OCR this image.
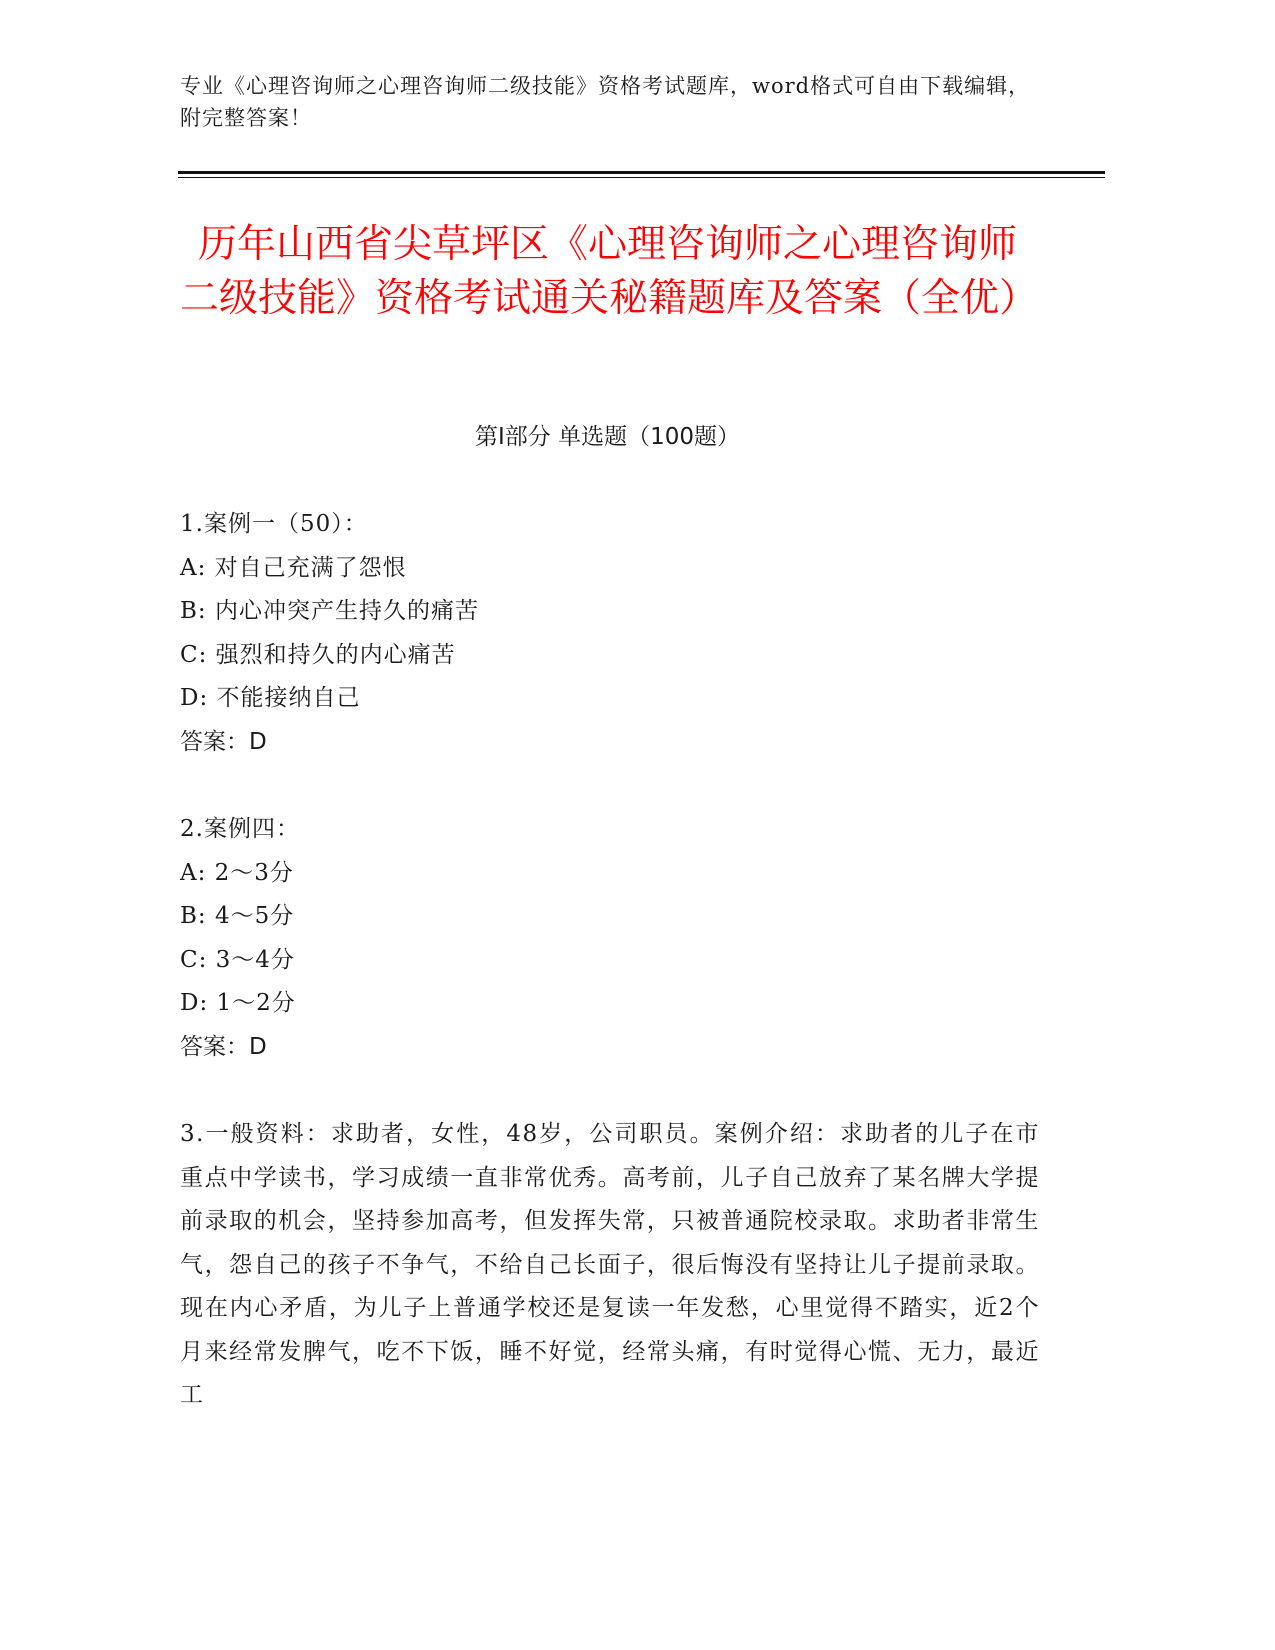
专业《心理咨询师之心理咨询师二级技能》资格考试题库，word格式可自由下载编辑，附完整答案！
历年山西省尖草坪区《心理咨询师之心理咨询师二级技能》资格考试通关秘籍题库及答案（全优）
第I部分 单选题（100题）
1.案例一（50）：
A: 对自己充满了怨恨
B: 内心冲突产生持久的痛苦
C: 强烈和持久的内心痛苦
D: 不能接纳自己
答案：D
2.案例四：
A: 2～3分
B: 4～5分
C: 3～4分
D: 1～2分
答案：D
3.一般资料：求助者，女性，48岁，公司职员。案例介绍：求助者的儿子在市重点中学读书，学习成绩一直非常优秀。高考前，儿子自己放弃了某名牌大学提前录取的机会，坚持参加高考，但发挥失常，只被普通院校录取。求助者非常生气，怨自己的孩子不争气，不给自己长面子，很后悔没有坚持让儿子提前录取。现在内心矛盾，为儿子上普通学校还是复读一年发愁，心里觉得不踏实，近2个月来经常发脾气，吃不下饭，睡不好觉，经常头痛，有时觉得心慌、无力，最近工
